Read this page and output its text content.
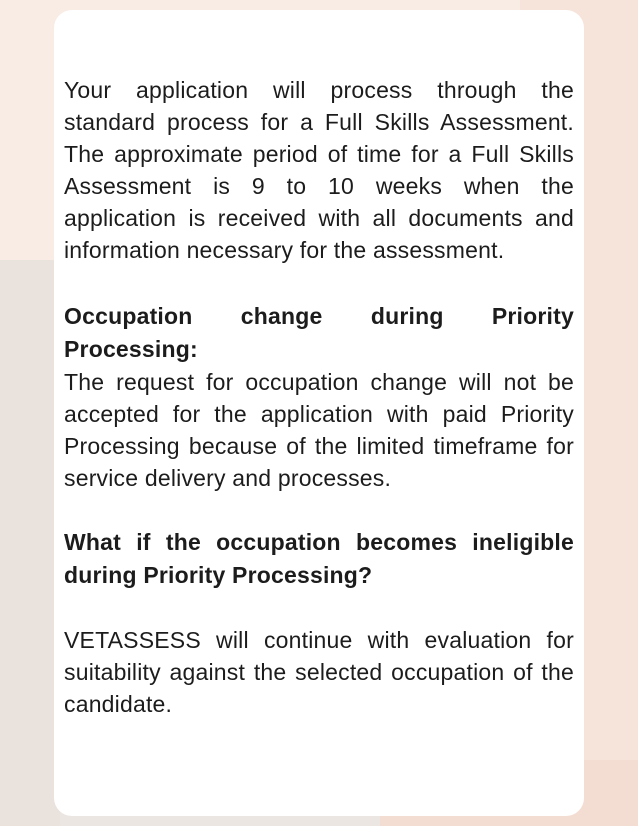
Your application will process through the standard process for a Full Skills Assessment. The approximate period of time for a Full Skills Assessment is 9 to 10 weeks when the application is received with all documents and information necessary for the assessment.

Occupation change during Priority Processing:

The request for occupation change will not be accepted for the application with paid Priority Processing because of the limited timeframe for service delivery and processes.

What if the occupation becomes ineligible during Priority Processing?

VETASSESS will continue with evaluation for suitability against the selected occupation of the candidate.
